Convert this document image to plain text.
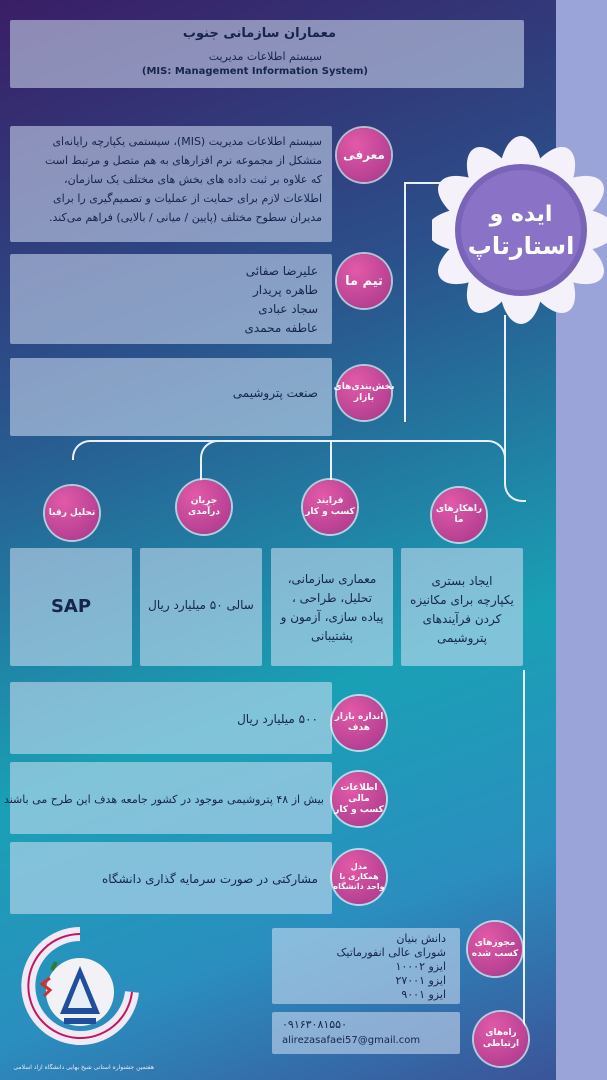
معماران سازمانی جنوب
سیستم اطلاعات مدیریت
(MIS: Management Information System)
ایده و
استارتاپ
سیستم اطلاعات مدیریت (MIS)، سیستمی یکپارچه رایانه‌ای
متشکل از مجموعه نرم افزارهای به هم متصل و مرتبط است
که علاوه بر ثبت داده های بخش های مختلف یک سازمان،
اطلاعات لازم برای حمایت از عملیات و تصمیم‌گیری را برای
مدیران سطوح مختلف (پایین / میانی / بالایی) فراهم می‌کند.
معرفی
علیرضا صفائی
طاهره پریدار
سجاد عبادی
عاطفه محمدی
تیم ما
صنعت پتروشیمی بخش‌بندی‌های
بازار
راهکارهای
ما
فرایند
کسب و کار
جریان
درآمدی
تحلیل رقبا
ایجاد بستری
یکپارچه برای مکانیزه
کردن فرآیندهای
پتروشیمی
معماری سازمانی،
تحلیل، طراحی ،
پیاده سازی، آزمون و
پشتیبانی
سالی ۵۰ میلیارد ریال
SAP
۵۰۰ میلیارد ریال اندازه بازار
هدف
بیش از ۴۸ پتروشیمی موجود در کشور جامعه هدف این طرح می باشند
اطلاعات مالی
کسب و کار
مشارکتی در صورت سرمایه گذاری دانشگاه
مدل
همکاری با
واحد دانشگاه
دانش بنیان
شورای عالی انفورماتیک
ایزو ۱۰۰۰۲
ایزو ۲۷۰۰۱
ایزو ۹۰۰۱
مجوزهای
کسب شده
۰۹۱۶۳۰۸۱۵۵۰
alirezasafaei57@gmail.com
راه‌های
ارتباطی
هفتمین جشنواره استانی شیخ بهایی دانشگاه آزاد اسلامی
